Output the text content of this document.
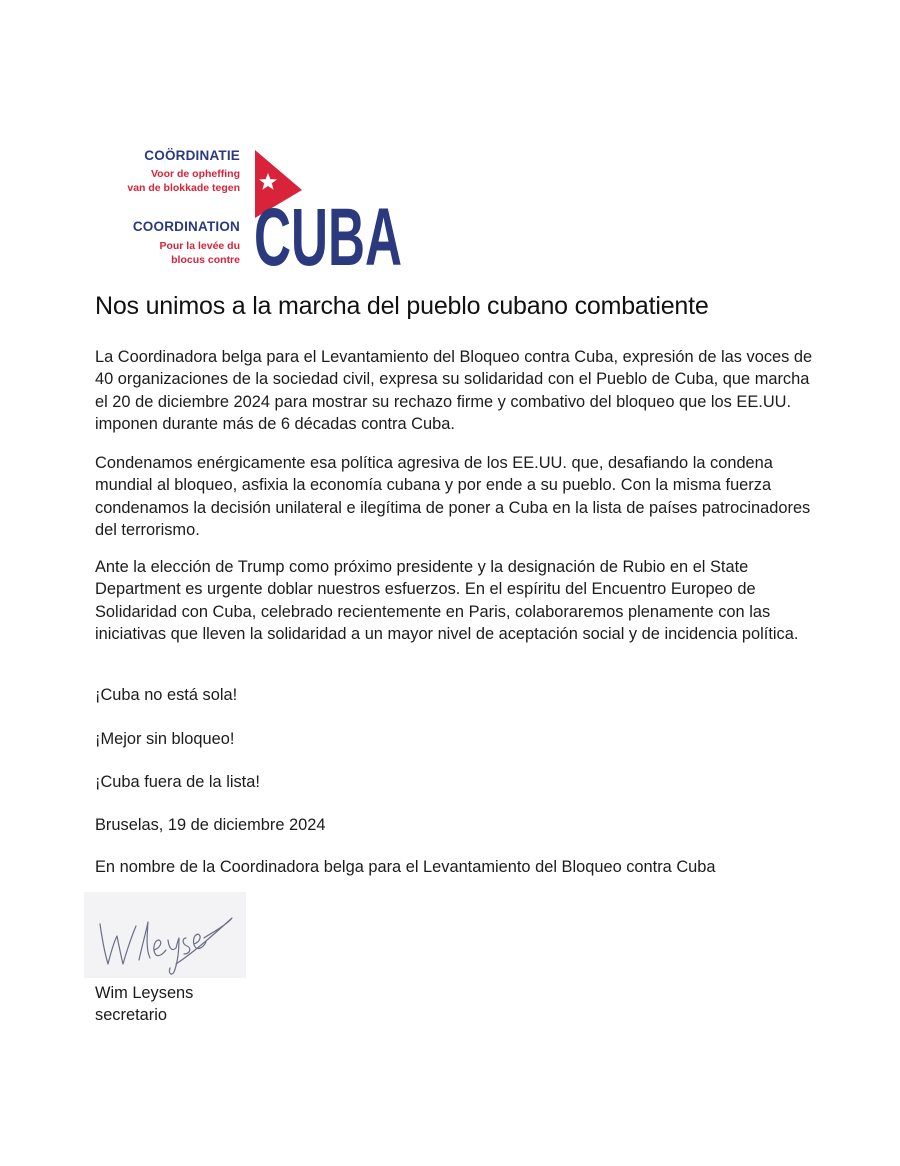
COÖRDINATIE
Voor de opheffing
van de blokkade tegen
COORDINATION
Pour la levée du
blocus contre CUBA
Nos unimos a la marcha del pueblo cubano combatiente
La Coordinadora belga para el Levantamiento del Bloqueo contra Cuba, expresión de las voces de 40 organizaciones de la sociedad civil, expresa su solidaridad con el Pueblo de Cuba, que marcha el 20 de diciembre 2024 para mostrar su rechazo firme y combativo del bloqueo que los EE.UU. imponen durante más de 6 décadas contra Cuba.
Condenamos enérgicamente esa política agresiva de los EE.UU. que, desafiando la condena mundial al bloqueo, asfixia la economía cubana y por ende a su pueblo. Con la misma fuerza condenamos la decisión unilateral e ilegítima de poner a Cuba en la lista de países patrocinadores del terrorismo.
Ante la elección de Trump como próximo presidente y la designación de Rubio en el State Department es urgente doblar nuestros esfuerzos. En el espíritu del Encuentro Europeo de Solidaridad con Cuba, celebrado recientemente en Paris, colaboraremos plenamente con las iniciativas que lleven la solidaridad a un mayor nivel de aceptación social y de incidencia política.
¡Cuba no está sola!
¡Mejor sin bloqueo!
¡Cuba fuera de la lista!
Bruselas, 19 de diciembre 2024
En nombre de la Coordinadora belga para el Levantamiento del Bloqueo contra Cuba
Wim Leysens
secretario
